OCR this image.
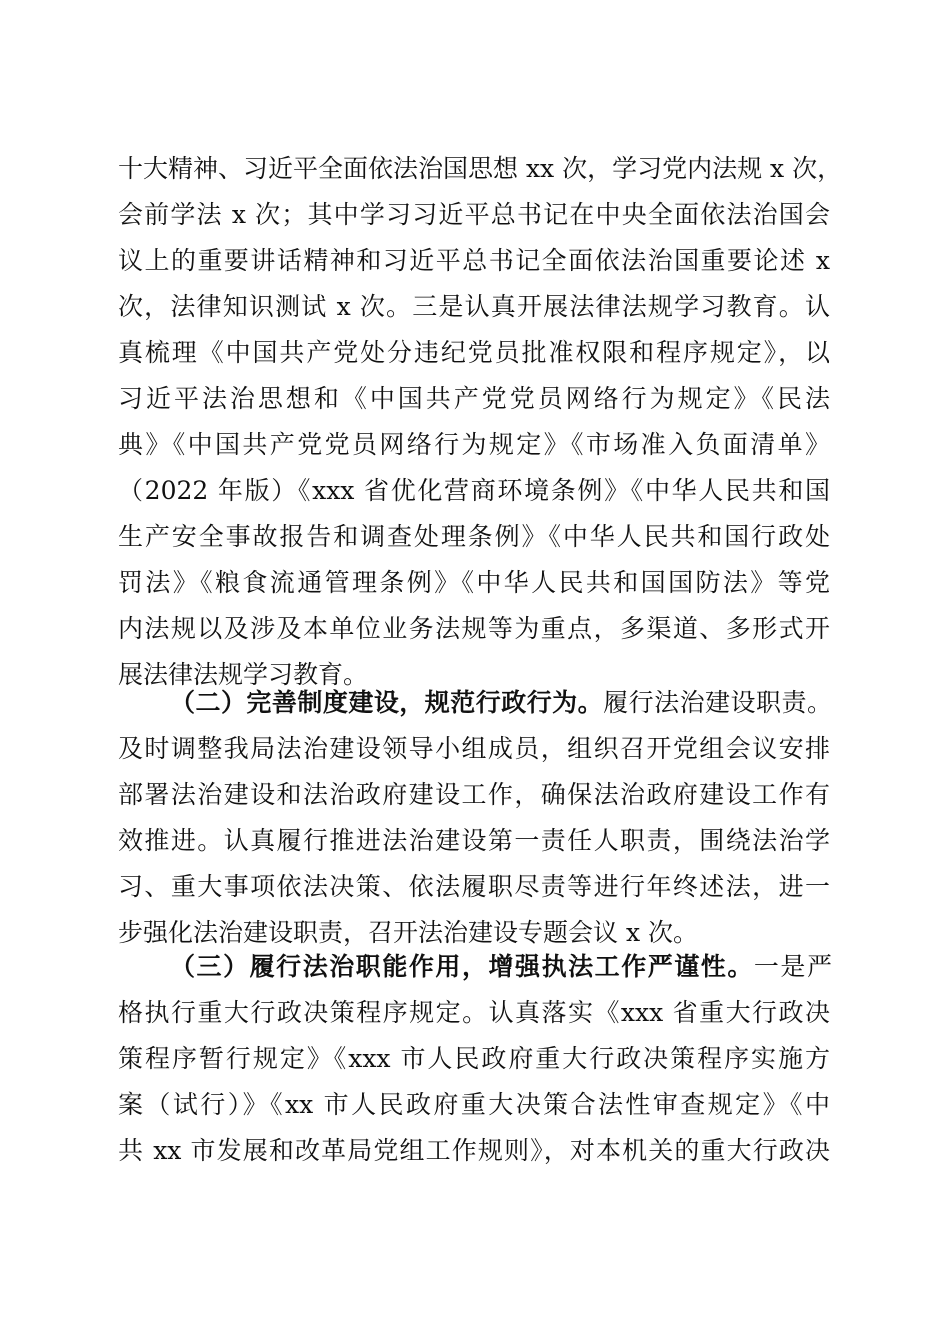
十大精神、习近平全面依法治国思想 xx 次，学习党内法规 x 次，
会前学法 x 次；其中学习习近平总书记在中央全面依法治国会
议上的重要讲话精神和习近平总书记全面依法治国重要论述 x
次，法律知识测试 x 次。三是认真开展法律法规学习教育。认
真梳理《中国共产党处分违纪党员批准权限和程序规定》，以
习近平法治思想和《中国共产党党员网络行为规定》《民法
典》《中国共产党党员网络行为规定》《市场准入负面清单》
（2022 年版）《xxx 省优化营商环境条例》《中华人民共和国
生产安全事故报告和调查处理条例》《中华人民共和国行政处
罚法》《粮食流通管理条例》《中华人民共和国国防法》等党
内法规以及涉及本单位业务法规等为重点，多渠道、多形式开
展法律法规学习教育。
（二）完善制度建设，规范行政行为。履行法治建设职责。
及时调整我局法治建设领导小组成员，组织召开党组会议安排
部署法治建设和法治政府建设工作，确保法治政府建设工作有
效推进。认真履行推进法治建设第一责任人职责，围绕法治学
习、重大事项依法决策、依法履职尽责等进行年终述法，进一
步强化法治建设职责，召开法治建设专题会议 x 次。
（三）履行法治职能作用，增强执法工作严谨性。一是严
格执行重大行政决策程序规定。认真落实《xxx 省重大行政决
策程序暂行规定》《xxx 市人民政府重大行政决策程序实施方
案（试行）》《xx 市人民政府重大决策合法性审查规定》《中
共 xx 市发展和改革局党组工作规则》，对本机关的重大行政决
